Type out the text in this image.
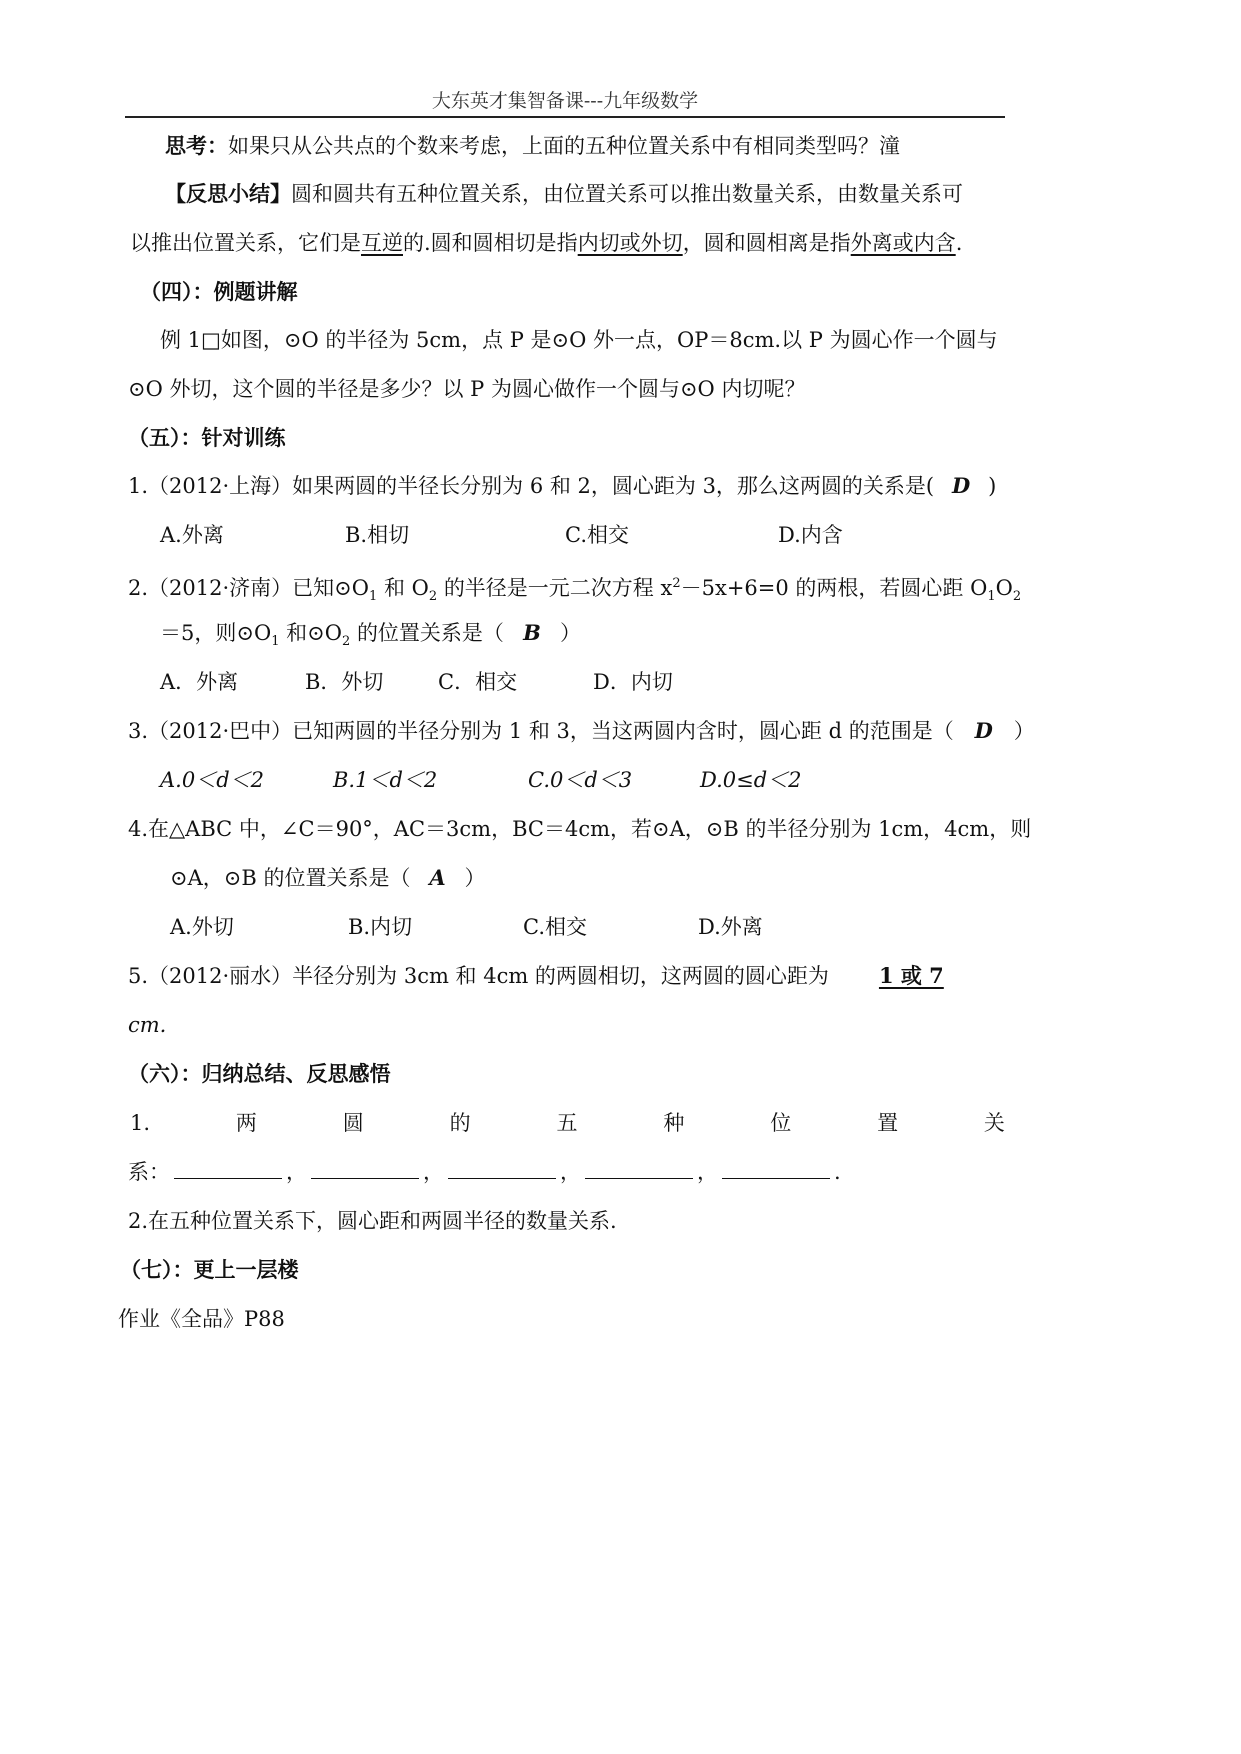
大东英才集智备课---九年级数学
思考：如果只从公共点的个数来考虑，上面的五种位置关系中有相同类型吗？潼
【反思小结】圆和圆共有五种位置关系，由位置关系可以推出数量关系，由数量关系可
以推出位置关系，它们是互逆的.圆和圆相切是指内切或外切，圆和圆相离是指外离或内含.
（四）：例题讲解
例 1□如图，⊙O 的半径为 5cm，点 P 是⊙O 外一点，OP＝8cm.以 P 为圆心作一个圆与
⊙O 外切，这个圆的半径是多少？以 P 为圆心做作一个圆与⊙O 内切呢？
（五）：针对训练
1.（2012·上海）如果两圆的半径长分别为 6 和 2，圆心距为 3，那么这两圆的关系是( D )
A.外离	B.相切	C.相交	D.内含
2.（2012·济南）已知$⊙O_1$ 和 $O_2$ 的半径是一元二次方程 $x^2-5x+6=0$ 的两根，若圆心距 $O_1O_2$
＝5，则$⊙O_1$ 和$⊙O_2$ 的位置关系是（ B ）
A．外离	B．外切	C．相交	D．内切
3.（2012·巴中）已知两圆的半径分别为 1 和 3，当这两圆内含时，圆心距 d 的范围是（ D ）
A.0＜d＜2	B.1＜d＜2	C.0＜d＜3	D.0≤d＜2
4.在△ABC 中，∠C＝90°，AC＝3cm，BC＝4cm，若⊙A，⊙B 的半径分别为 1cm，4cm，则
⊙A，⊙B 的位置关系是（ A ）
A.外切	B.内切	C.相交	D.外离
5.（2012·丽水）半径分别为 3cm 和 4cm 的两圆相切，这两圆的圆心距为 1 或 7
cm.
（六）：归纳总结、反思感悟
1.	两	圆	的	五	种	位	置	关
系：	，	，	，	，	.
2.在五种位置关系下，圆心距和两圆半径的数量关系.
（七）：更上一层楼
作业《全品》P88
